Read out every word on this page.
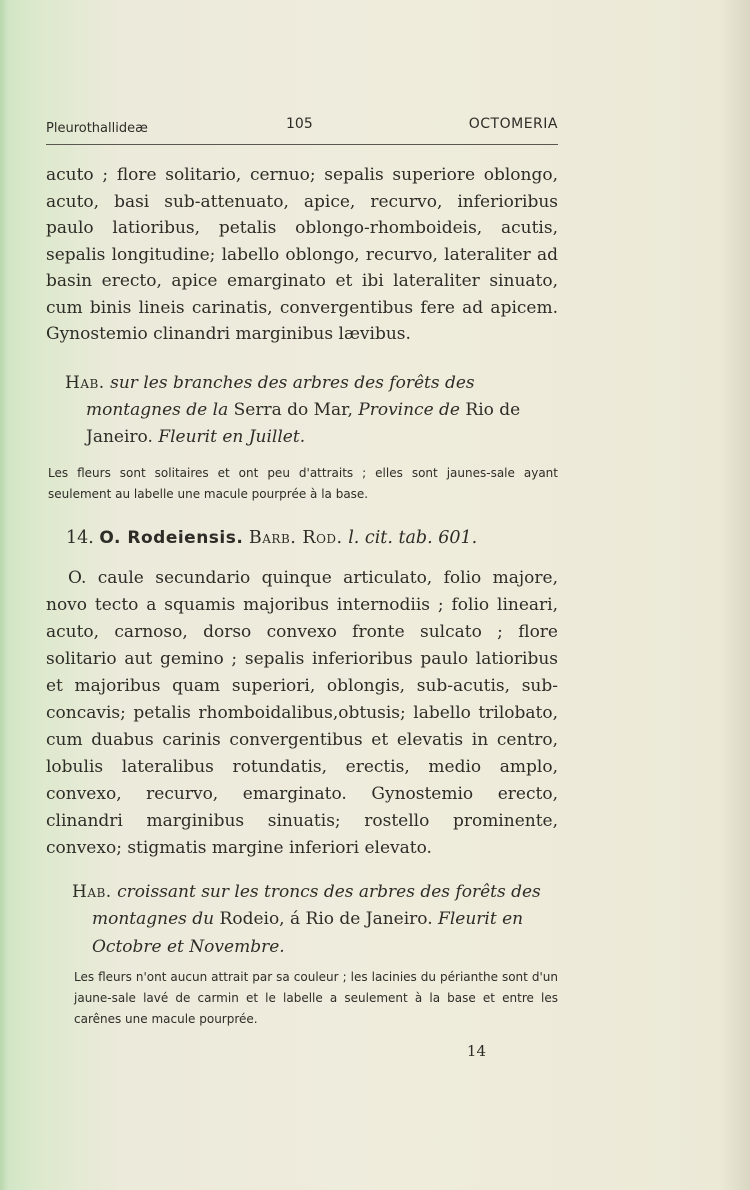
Pleurothallideæ	105	OCTOMERIA

acuto ; flore solitario, cernuo; sepalis superiore oblongo, acuto, basi sub-attenuato, apice, recurvo, inferioribus paulo latioribus, petalis oblongo-rhomboideis, acutis, sepalis longitudine; labello oblongo, recurvo, lateraliter ad basin erecto, apice emarginato et ibi lateraliter sinuato, cum binis lineis carinatis, convergentibus fere ad apicem. Gynostemio clinandri marginibus lævibus.

Hab. sur les branches des arbres des forêts des montagnes de la Serra do Mar, Province de Rio de Janeiro. Fleurit en Juillet.

Les fleurs sont solitaires et ont peu d'attraits ; elles sont jaunes-sale ayant seulement au labelle une macule pourprée à la base.

14. O. Rodeiensis. Barb. Rod. l. cit. tab. 601.

O. caule secundario quinque articulato, folio majore, novo tecto a squamis majoribus internodiis ; folio lineari, acuto, carnoso, dorso convexo fronte sulcato ; flore solitario aut gemino ; sepalis inferioribus paulo latioribus et majoribus quam superiori, oblongis, sub-acutis, sub-concavis; petalis rhomboidalibus,obtusis; labello trilobato, cum duabus carinis convergentibus et elevatis in centro, lobulis lateralibus rotundatis, erectis, medio amplo, convexo, recurvo, emarginato. Gynostemio erecto, clinandri marginibus sinuatis; rostello prominente, convexo; stigmatis margine inferiori elevato.

Hab. croissant sur les troncs des arbres des forêts des montagnes du Rodeio, á Rio de Janeiro. Fleurit en Octobre et Novembre.

Les fleurs n'ont aucun attrait par sa couleur ; les lacinies du périanthe sont d'un jaune-sale lavé de carmin et le labelle a seulement à la base et entre les carênes une macule pourprée.

14
